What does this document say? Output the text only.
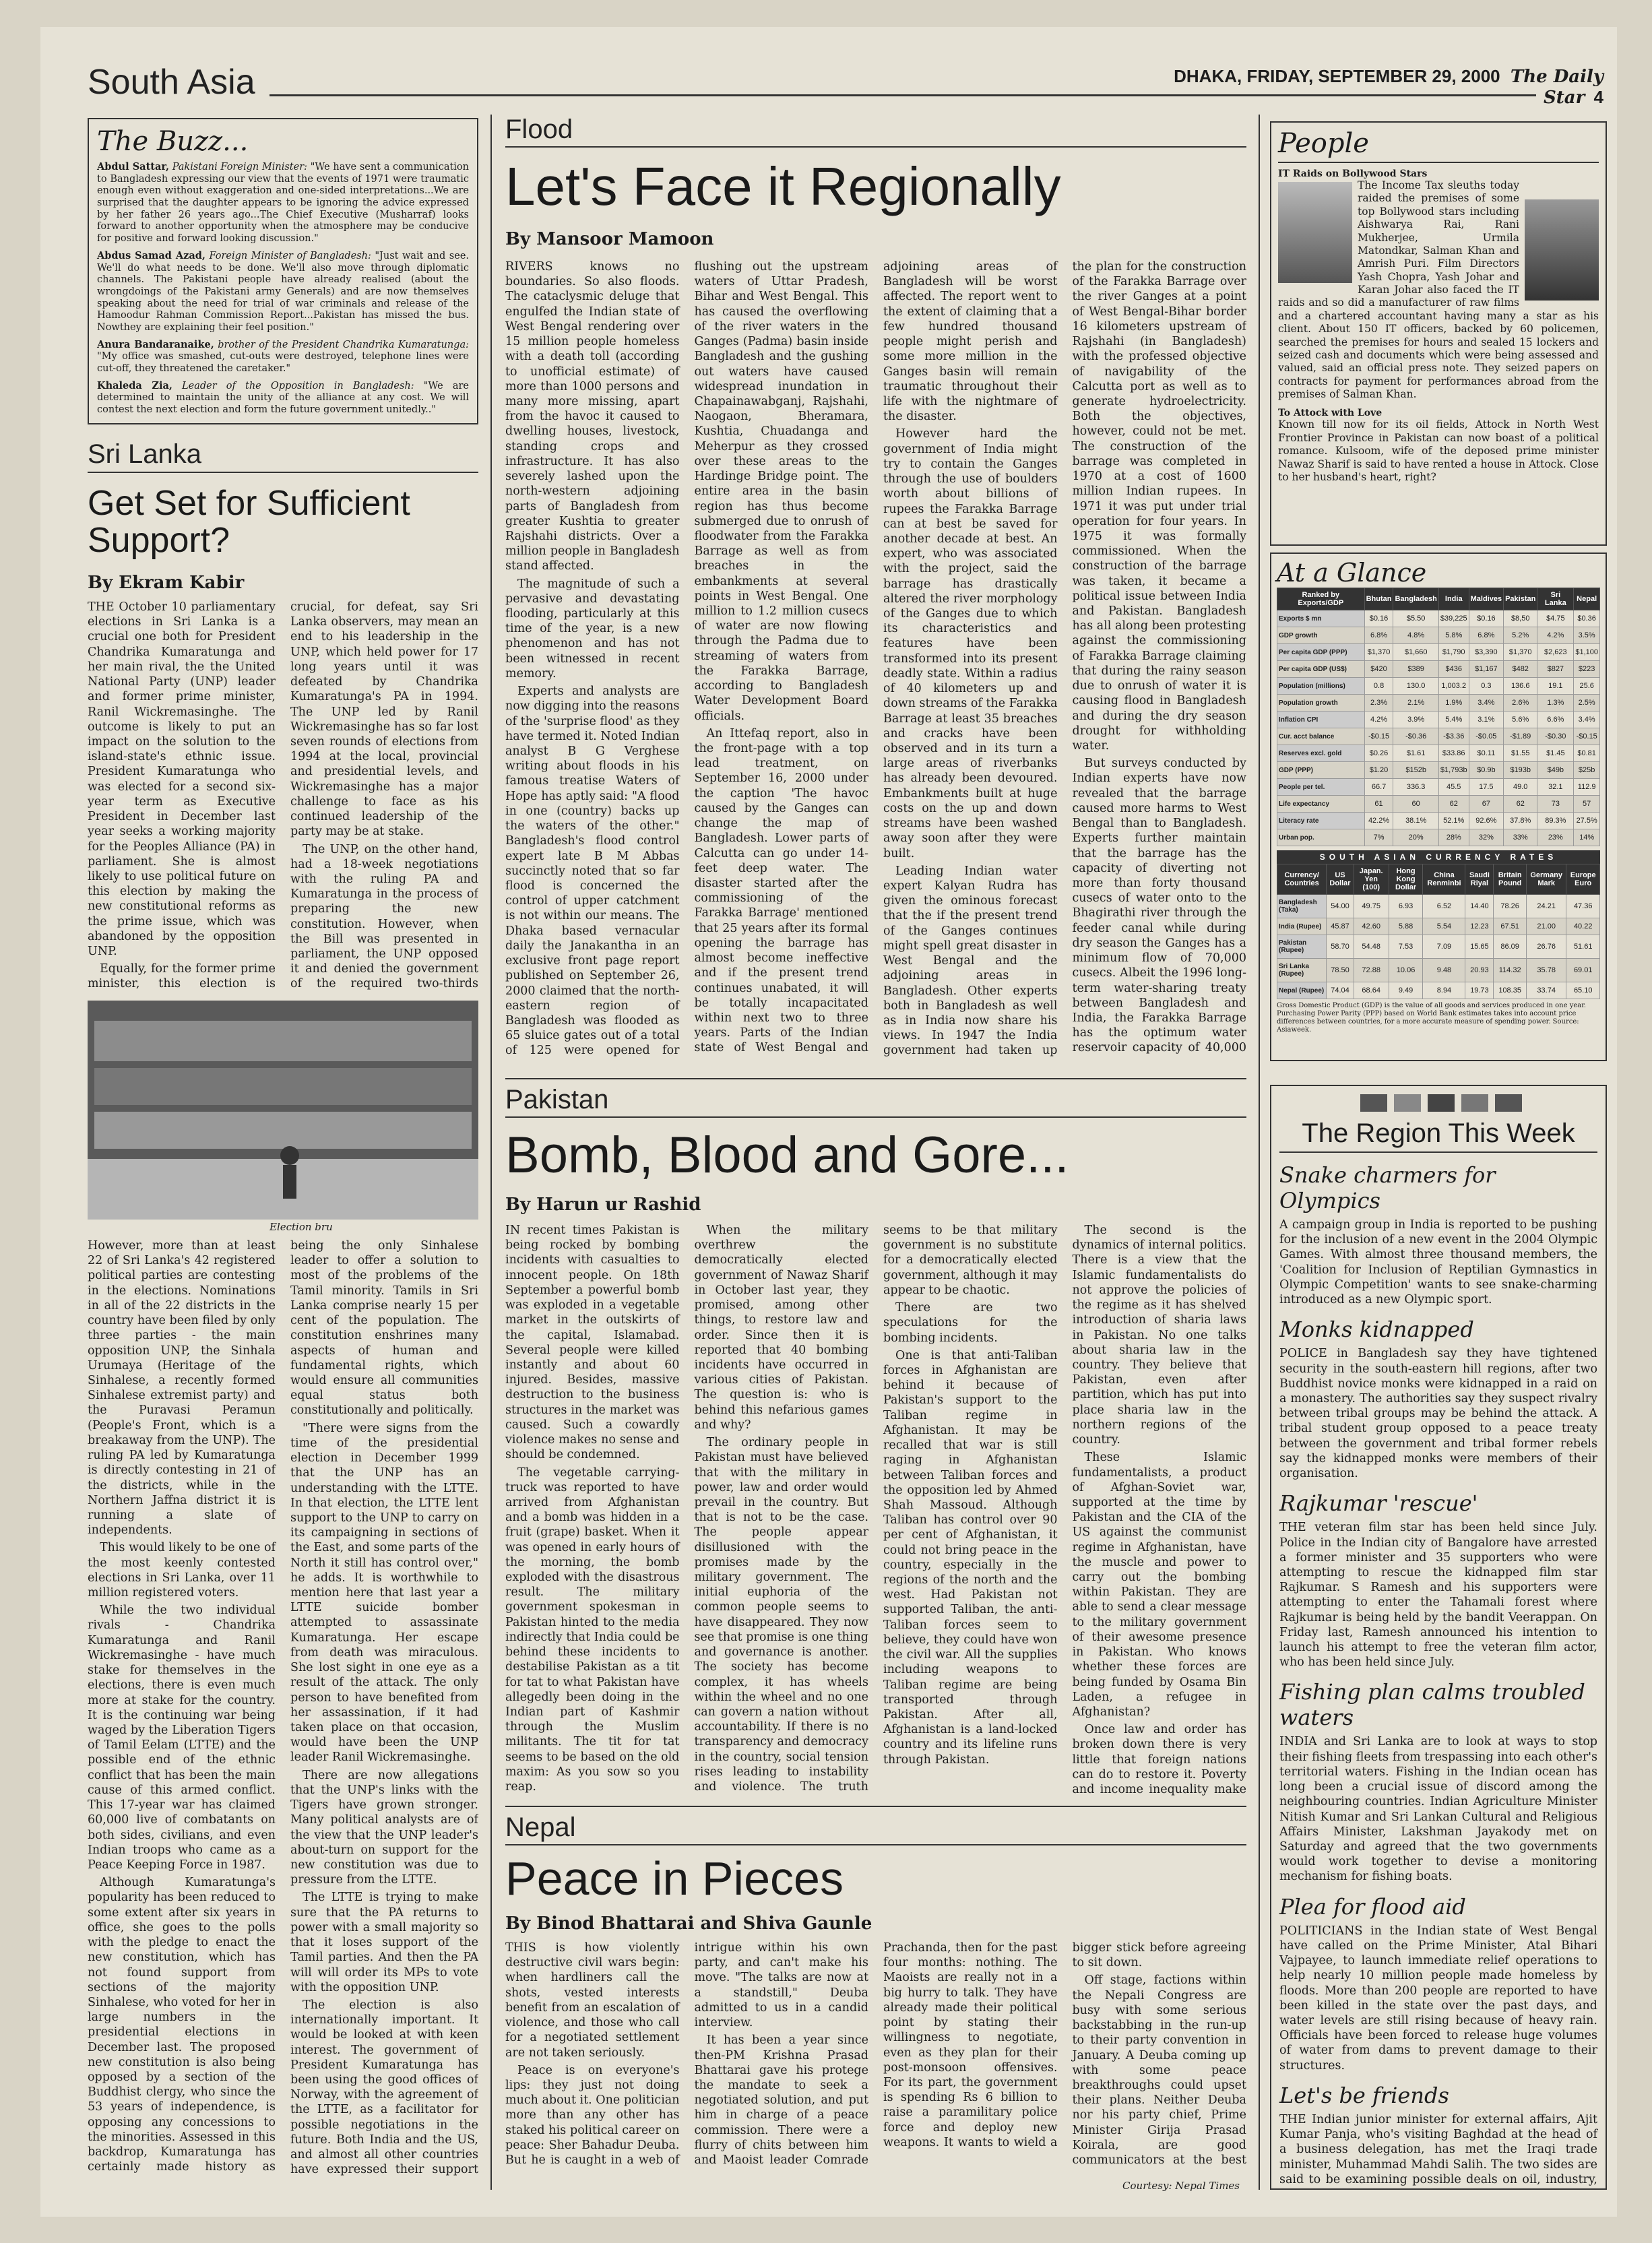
South Asia	DHAKA, FRIDAY, SEPTEMBER 29, 2000 The Daily Star 4
The Buzz...

Abdul Sattar, Pakistani Foreign Minister: "We have sent a communication to Bangladesh expressing our view that the events of 1971 were traumatic enough even without exaggeration and one-sided interpretations...We are surprised that the daughter appears to be ignoring the advice expressed by her father 26 years ago...The Chief Executive (Musharraf) looks forward to another opportunity when the atmosphere may be conducive for positive and forward looking discussion."

Abdus Samad Azad, Foreign Minister of Bangladesh: "Just wait and see. We'll do what needs to be done. We'll also move through diplomatic channels. The Pakistani people have already realised (about the wrongdoings of the Pakistani army Generals) and are now themselves speaking about the need for trial of war criminals and release of the Hamoodur Rahman Commission Report...Pakistan has missed the bus. Nowthey are explaining their feel position."

Anura Bandaranaike, brother of the President Chandrika Kumaratunga: "My office was smashed, cut-outs were destroyed, telephone lines were cut-off, they threatened the caretaker."

Khaleda Zia, Leader of the Opposition in Bangladesh: "We are determined to maintain the unity of the alliance at any cost. We will contest the next election and form the future government unitedly.."

Sri Lanka
Get Set for Sufficient Support?
By Ekram Kabir

THE October 10 parliamentary elections in Sri Lanka is a crucial one both for President Chandrika Kumaratunga and her main rival, the the United National Party (UNP) leader and former prime minister, Ranil Wickremasinghe. The outcome is likely to put an impact on the solution to the island-state's ethnic issue. President Kumaratunga who was elected for a second six-year term as Executive President in December last year seeks a working majority for the Peoples Alliance (PA) in parliament. She is almost likely to use political future on this election by making the new constitutional reforms as the prime issue, which was abandoned by the opposition UNP.

Equally, for the former prime minister, this election is crucial, for defeat, say Sri Lanka observers, may mean an end to his leadership in the UNP, which held power for 17 long years until it was defeated by Chandrika Kumaratunga's PA in 1994. The UNP led by Ranil Wickremasinghe has so far lost seven rounds of elections from 1994 at the local, provincial and presidential levels, and Wickremasinghe has a major challenge to face as his continued leadership of the party may be at stake.

The UNP, on the other hand, had a 18-week negotiations with the ruling PA and Kumaratunga in the process of preparing the new constitution. However, when the Bill was presented in parliament, the UNP opposed it and denied the government of the required two-thirds

Election bru

However, more than at least 22 of Sri Lanka's 42 registered political parties are contesting in the elections. Nominations in all of the 22 districts in the country have been filed by only three parties - the main opposition UNP, the Sinhala Urumaya (Heritage of the Sinhalese, a recently formed Sinhalese extremist party) and the Puravasi Peramun (People's Front, which is a breakaway from the UNP). The ruling PA led by Kumaratunga is directly contesting in 21 of the districts, while in the Northern Jaffna district it is running a slate of independents.

This would likely to be one of the most keenly contested elections in Sri Lanka, over 11 million registered voters.

While the two individual rivals - Chandrika Kumaratunga and Ranil Wickremasinghe - have much stake for themselves in the elections, there is even much more at stake for the country. It is the continuing war being waged by the Liberation Tigers of Tamil Eelam (LTTE) and the possible end of the ethnic conflict that has been the main cause of this armed conflict. This 17-year war has claimed 60,000 live of combatants on both sides, civilians, and even Indian troops who came as a Peace Keeping Force in 1987.

Although Kumaratunga's popularity has been reduced to some extent after six years in office, she goes to the polls with the pledge to enact the new constitution, which has not found support from sections of the majority Sinhalese, who voted for her in large numbers in the presidential elections in December last. The proposed new constitution is also being opposed by a section of the Buddhist clergy, who since the 53 years of independence, is opposing any concessions to the minorities. Assessed in this backdrop, Kumaratunga has certainly made history as being the only Sinhalese leader to offer a solution to most of the problems of the Tamil minority. Tamils in Sri Lanka comprise nearly 15 per cent of the population. The constitution enshrines many aspects of human and fundamental rights, which would ensure all communities equal status both constitutionally and politically.

"There were signs from the time of the presidential election in December 1999 that the UNP has an understanding with the LTTE. In that election, the LTTE lent support to the UNP to carry on its campaigning in sections of the East, and some parts of the North it still has control over," he adds. It is worthwhile to mention here that last year a LTTE suicide bomber attempted to assassinate Kumaratunga. Her escape from death was miraculous. She lost sight in one eye as a result of the attack. The only person to have benefited from her assassination, if it had taken place on that occasion, would have been the UNP leader Ranil Wickremasinghe.

There are now allegations that the UNP's links with the Tigers have grown stronger. Many political analysts are of the view that the UNP leader's about-turn on support for the new constitution was due to pressure from the LTTE.

The LTTE is trying to make sure that the PA returns to power with a small majority so that it loses support of the Tamil parties. And then the PA will will order its MPs to vote with the opposition UNP.

The election is also internationally important. It would be looked at with keen interest. The government of President Kumaratunga has been using the good offices of Norway, with the agreement of the LTTE, as a facilitator for possible negotiations in the future. Both India and the US, and almost all other countries have expressed their support

Flood
Let's Face it Regionally
By Mansoor Mamoon

RIVERS knows no boundaries. So also floods. The cataclysmic deluge that engulfed the Indian state of West Bengal rendering over 15 million people homeless with a death toll (according to unofficial estimate) of more than 1000 persons and many more missing, apart from the havoc it caused to dwelling houses, livestock, standing crops and infrastructure. It has also severely lashed upon the north-western adjoining parts of Bangladesh from greater Kushtia to greater Rajshahi districts. Over a million people in Bangladesh stand affected.

The magnitude of such a pervasive and devastating flooding, particularly at this time of the year, is a new phenomenon and has not been witnessed in recent memory.

Experts and analysts are now digging into the reasons of the 'surprise flood' as they have termed it. Noted Indian analyst B G Verghese writing about floods in his famous treatise Waters of Hope has aptly said: "A flood in one (country) backs up the waters of the other." Bangladesh's flood control expert late B M Abbas succinctly noted that so far flood is concerned the control of upper catchment is not within our means. The Dhaka based vernacular daily the Janakantha in an exclusive front page report published on September 26, 2000 claimed that the north-eastern region of Bangladesh was flooded as 65 sluice gates out of a total of 125 were opened for flushing out the upstream waters of Uttar Pradesh, Bihar and West Bengal. This has caused the overflowing of the river waters in the Ganges (Padma) basin inside Bangladesh and the gushing out waters have caused widespread inundation in Chapainawabganj, Rajshahi, Naogaon, Bheramara, Kushtia, Chuadanga and Meherpur as they crossed over these areas to the Hardinge Bridge point. The entire area in the basin region has thus become submerged due to onrush of floodwater from the Farakka Barrage as well as from breaches in the embankments at several points in West Bengal. One million to 1.2 million cusecs of water are now flowing through the Padma due to streaming of waters from the Farakka Barrage, according to Bangladesh Water Development Board officials.

An Ittefaq report, also in the front-page with a top lead treatment, on September 16, 2000 under the caption 'The havoc caused by the Ganges can change the map of Bangladesh. Lower parts of Calcutta can go under 14-feet deep water. The disaster started after the commissioning of the Farakka Barrage' mentioned that 25 years after its formal opening the barrage has almost become ineffective and if the present trend continues unabated, it will be totally incapacitated within next two to three years. Parts of the Indian state of West Bengal and adjoining areas of Bangladesh will be worst affected. The report went to the extent of claiming that a few hundred thousand people might perish and some more million in the Ganges basin will remain traumatic throughout their life with the nightmare of the disaster.

However hard the government of India might try to contain the Ganges through the use of boulders worth about billions of rupees the Farakka Barrage can at best be saved for another decade at best. An expert, who was associated with the project, said the barrage has drastically altered the river morphology of the Ganges due to which its characteristics and features have been transformed into its present deadly state. Within a radius of 40 kilometers up and down streams of the Farakka Barrage at least 35 breaches and cracks have been observed and in its turn a large areas of riverbanks has already been devoured. Embankments built at huge costs on the up and down streams have been washed away soon after they were built.

Leading Indian water expert Kalyan Rudra has given the ominous forecast that the if the present trend of the Ganges continues might spell great disaster in West Bengal and the adjoining areas in Bangladesh. Other experts both in Bangladesh as well as in India now share his views. In 1947 the India government had taken up the plan for the construction of the Farakka Barrage over the river Ganges at a point of West Bengal-Bihar border 16 kilometers upstream of Rajshahi (in Bangladesh) with the professed objective of navigability of the Calcutta port as well as to generate hydroelectricity. Both the objectives, however, could not be met. The construction of the barrage was completed in 1970 at a cost of 1600 million Indian rupees. In 1971 it was put under trial operation for four years. In 1975 it was formally commissioned. When the construction of the barrage was taken, it became a political issue between India and Pakistan. Bangladesh has all along been protesting against the commissioning of Farakka Barrage claiming that during the rainy season due to onrush of water it is causing flood in Bangladesh and during the dry season drought for withholding water.

But surveys conducted by Indian experts have now revealed that the barrage caused more harms to West Bengal than to Bangladesh. Experts further maintain that the barrage has the capacity of diverting not more than forty thousand cusecs of water onto to the Bhagirathi river through the feeder canal while during dry season the Ganges has a minimum flow of 70,000 cusecs. Albeit the 1996 long-term water-sharing treaty between Bangladesh and India, the Farakka Barrage has the optimum water reservoir capacity of 40,000

Pakistan
Bomb, Blood and Gore...
By Harun ur Rashid

IN recent times Pakistan is being rocked by bombing incidents with casualties to innocent people. On 18th September a powerful bomb was exploded in a vegetable market in the outskirts of the capital, Islamabad. Several people were killed instantly and about 60 injured. Besides, massive destruction to the business structures in the market was caused. Such a cowardly violence makes no sense and should be condemned.

The vegetable carrying-truck was reported to have arrived from Afghanistan and a bomb was hidden in a fruit (grape) basket. When it was opened in early hours of the morning, the bomb exploded with the disastrous result. The military government spokesman in Pakistan hinted to the media indirectly that India could be behind these incidents to destabilise Pakistan as a tit for tat to what Pakistan have allegedly been doing in the Indian part of Kashmir through the Muslim militants. The tit for tat seems to be based on the old maxim: As you sow so you reap.

When the military overthrew the democratically elected government of Nawaz Sharif in October last year, they promised, among other things, to restore law and order. Since then it is reported that 40 bombing incidents have occurred in various cities of Pakistan. The question is: who is behind this nefarious games and why?

The ordinary people in Pakistan must have believed that with the military in power, law and order would prevail in the country. But that is not to be the case. The people appear disillusioned with the promises made by the military government. The initial euphoria of the common people seems to have disappeared. They now see that promise is one thing and governance is another. The society has become complex, it has wheels within the wheel and no one can govern a nation without accountability. If there is no transparency and democracy in the country, social tension rises leading to instability and violence. The truth seems to be that military government is no substitute for a democratically elected government, although it may appear to be chaotic.

There are two speculations for the bombing incidents.

One is that anti-Taliban forces in Afghanistan are behind it because of Pakistan's support to the Taliban regime in Afghanistan. It may be recalled that war is still raging in Afghanistan between Taliban forces and the opposition led by Ahmed Shah Massoud. Although Taliban has control over 90 per cent of Afghanistan, it could not bring peace in the country, especially in the regions of the north and the west. Had Pakistan not supported Taliban, the anti-Taliban forces seem to believe, they could have won the civil war. All the supplies including weapons to Taliban regime are being transported through Pakistan. After all, Afghanistan is a land-locked country and its lifeline runs through Pakistan.

The second is the dynamics of internal politics. There is a view that the Islamic fundamentalists do not approve the policies of the regime as it has shelved introduction of sharia laws in Pakistan. No one talks about sharia law in the country. They believe that Pakistan, even after partition, which has put into place sharia law in the northern regions of the country.

These Islamic fundamentalists, a product of Afghan-Soviet war, supported at the time by Pakistan and the CIA of the US against the communist regime in Afghanistan, have the muscle and power to carry out the bombing within Pakistan. They are able to send a clear message to the military government of their awesome presence in Pakistan. Who knows whether these forces are being funded by Osama Bin Laden, a refugee in Afghanistan?

Once law and order has broken down there is very little that foreign nations can do to restore it. Poverty and income inequality make

Nepal
Peace in Pieces
By Binod Bhattarai and Shiva Gaunle

THIS is how violently destructive civil wars begin: when hardliners call the shots, vested interests benefit from an escalation of violence, and those who call for a negotiated settlement are not taken seriously.

Peace is on everyone's lips: they just not doing much about it. One politician more than any other has staked his political career on peace: Sher Bahadur Deuba. But he is caught in a web of intrigue within his own party, and can't make his move. "The talks are now at a standstill," Deuba admitted to us in a candid interview.

It has been a year since then-PM Krishna Prasad Bhattarai gave his protege the mandate to seek a negotiated solution, and put him in charge of a peace commission. There were a flurry of chits between him and Maoist leader Comrade Prachanda, then for the past four months: nothing. The Maoists are really not in a big hurry to talk. They have already made their political point by stating their willingness to negotiate, even as they plan for their post-monsoon offensives. For its part, the government is spending Rs 6 billion to raise a paramilitary police force and deploy new weapons. It wants to wield a bigger stick before agreeing to sit down.

Off stage, factions within the Nepali Congress are busy with some serious backstabbing in the run-up to their party convention in January. A Deuba coming up with some peace breakthroughs could upset their plans. Neither Deuba nor his party chief, Prime Minister Girija Prasad Koirala, are good communicators at the best

Courtesy: Nepal Times
People
IT Raids on Bollywood Stars
The Income Tax sleuths today raided the premises of some top Bollywood stars including Aishwarya Rai, Rani Mukherjee, Urmila Matondkar, Salman Khan and Amrish Puri. Film Directors Yash Chopra, Yash Johar and Karan Johar also faced the IT raids and so did a manufacturer of raw films and a chartered accountant having many a star as his client. About 150 IT officers, backed by 60 policemen, searched the premises for hours and sealed 15 lockers and seized cash and documents which were being assessed and valued, said an official press note. They seized papers on contracts for payment for performances abroad from the premises of Salman Khan.
To Attock with Love
Known till now for its oil fields, Attock in North West Frontier Province in Pakistan can now boast of a political romance. Kulsoom, wife of the deposed prime minister Nawaz Sharif is said to have rented a house in Attock. Close to her husband's heart, right?
At a Glance
Ranked by Exports/GDP	Bhutan	Bangladesh	India	Maldives	Pakistan	Sri Lanka	Nepal
Exports $ mn	$0.16	$5.50	$39,225	$0.16	$8,50	$4.75	$0.36
GDP growth	6.8%	4.8%	5.8%	6.8%	5.2%	4.2%	3.5%
Per capita GDP (PPP)	$1,370	$1,660	$1,790	$3,390	$1,370	$2,623	$1,100
Per capita GDP (US$)	$420	$389	$436	$1,167	$482	$827	$223
Population (millions)	0.8	130.0	1,003.2	0.3	136.6	19.1	25.6
Population growth	2.3%	2.1%	1.9%	3.4%	2.6%	1.3%	2.5%
Inflation CPI	4.2%	3.9%	5.4%	3.1%	5.6%	6.6%	3.4%
Cur. acct balance	-$0.15	-$0.36	-$3.36	-$0.05	-$1.89	-$0.30	-$0.15
Reserves excl. gold	$0.26	$1.61	$33.86	$0.11	$1.55	$1.45	$0.81
GDP (PPP)	$1.20	$152b	$1,793b	$0.9b	$193b	$49b	$25b
People per tel.	66.7	336.3	45.5	17.5	49.0	32.1	112.9
Life expectancy	61	60	62	67	62	73	57
Literacy rate	42.2%	38.1%	52.1%	92.6%	37.8%	89.3%	27.5%
Urban pop.	7%	20%	28%	32%	33%	23%	14%
SOUTH ASIAN CURRENCY RATES
Currency/ Countries	US Dollar	Japan. Yen (100)	Hong Kong Dollar	China Renminbi	Saudi Riyal	Britain Pound	Germany Mark	Europe Euro
Bangladesh (Taka)	54.00	49.75	6.93	6.52	14.40	78.26	24.21	47.36
India (Rupee)	45.87	42.60	5.88	5.54	12.23	67.51	21.00	40.22
Pakistan (Rupee)	58.70	54.48	7.53	7.09	15.65	86.09	26.76	51.61
Sri Lanka (Rupee)	78.50	72.88	10.06	9.48	20.93	114.32	35.78	69.01
Nepal (Rupee)	74.04	68.64	9.49	8.94	19.73	108.35	33.74	65.10
Gross Domestic Product (GDP) is the value of all goods and services produced in one year. Purchasing Power Parity (PPP) based on World Bank estimates takes into account price differences between countries, for a more accurate measure of spending power. Source: Asiaweek.
The Region This Week
Snake charmers for Olympics

A campaign group in India is reported to be pushing for the inclusion of a new event in the 2004 Olympic Games. With almost three thousand members, the 'Coalition for Inclusion of Reptilian Gymnastics in Olympic Competition' wants to see snake-charming introduced as a new Olympic sport.

Monks kidnapped

POLICE in Bangladesh say they have tightened security in the south-eastern hill regions, after two Buddhist novice monks were kidnapped in a raid on a monastery. The authorities say they suspect rivalry between tribal groups may be behind the attack. A tribal student group opposed to a peace treaty between the government and tribal former rebels say the kidnapped monks were members of their organisation.

Rajkumar 'rescue'

THE veteran film star has been held since July. Police in the Indian city of Bangalore have arrested a former minister and 35 supporters who were attempting to rescue the kidnapped film star Rajkumar. S Ramesh and his supporters were attempting to enter the Tahamali forest where Rajkumar is being held by the bandit Veerappan. On Friday last, Ramesh announced his intention to launch his attempt to free the veteran film actor, who has been held since July.

Fishing plan calms troubled waters

INDIA and Sri Lanka are to look at ways to stop their fishing fleets from trespassing into each other's territorial waters. Fishing in the Indian ocean has long been a crucial issue of discord among the neighbouring countries. Indian Agriculture Minister Nitish Kumar and Sri Lankan Cultural and Religious Affairs Minister, Lakshman Jayakody met on Saturday and agreed that the two governments would work together to devise a monitoring mechanism for fishing boats.

Plea for flood aid

POLITICIANS in the Indian state of West Bengal have called on the Prime Minister, Atal Bihari Vajpayee, to launch immediate relief operations to help nearly 10 million people made homeless by floods. More than 200 people are reported to have been killed in the state over the past days, and water levels are still rising because of heavy rain. Officials have been forced to release huge volumes of water from dams to prevent damage to their structures.

Let's be friends

THE Indian junior minister for external affairs, Ajit Kumar Panja, who's visiting Baghdad at the head of a business delegation, has met the Iraqi trade minister, Muhammad Mahdi Salih. The two sides are said to be examining possible deals on oil, industry,
